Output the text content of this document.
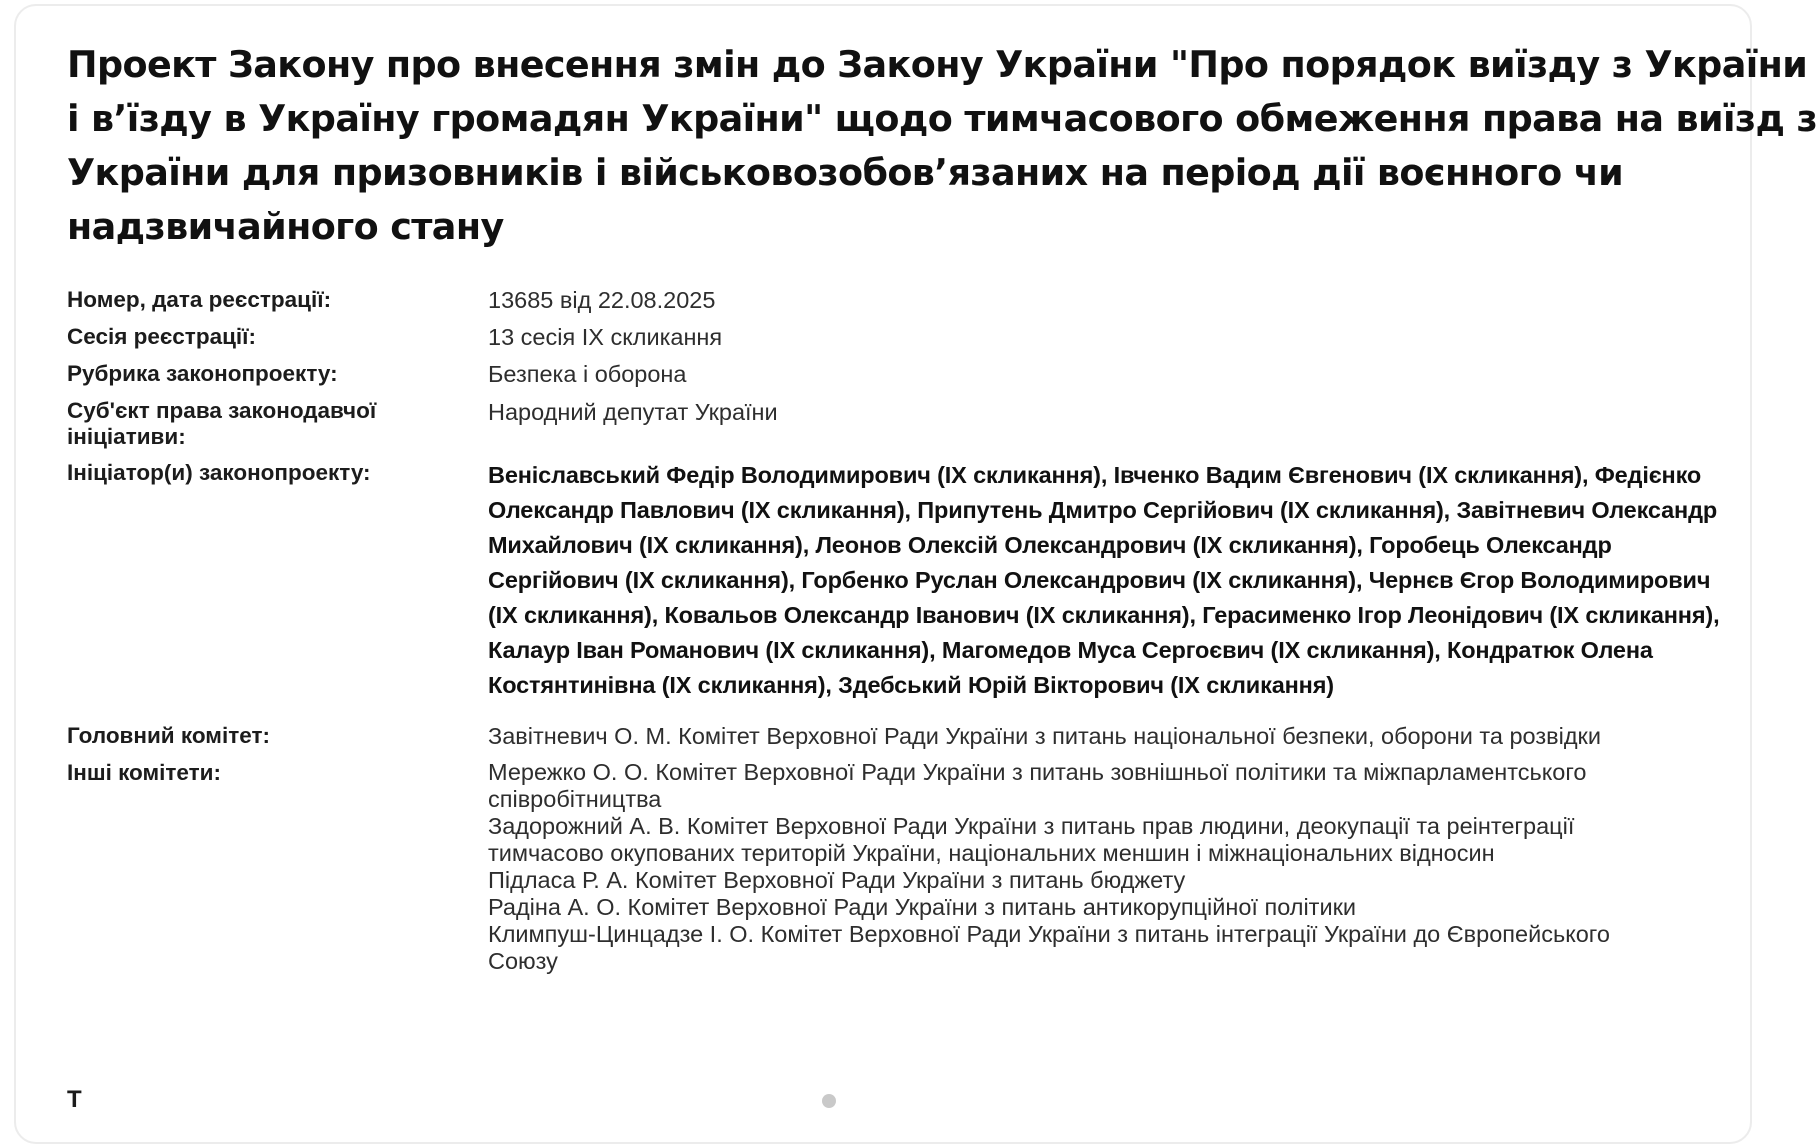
Проект Закону про внесення змін до Закону України "Про порядок виїзду з України
і в’їзду в Україну громадян України" щодо тимчасового обмеження права на виїзд з
України для призовників і військовозобов’язаних на період дії воєнного чи
надзвичайного стану
Номер, дата реєстрації:	13685 від 22.08.2025
Сесія реєстрації:	13 сесія IX скликання
Рубрика законопроекту:	Безпека і оборона
Суб'єкт права законодавчої
ініціативи:
Народний депутат України
Ініціатор(и) законопроекту:	Веніславський Федір Володимирович (IX скликання), Івченко Вадим Євгенович (IX скликання), Федієнко Олександр Павлович (IX скликання), Припутень Дмитро Сергійович (IX скликання), Завітневич Олександр Михайлович (IX скликання), Леонов Олексій Олександрович (IX скликання), Горобець Олександр Сергійович (IX скликання), Горбенко Руслан Олександрович (IX скликання), Чернєв Єгор Володимирович (IX скликання), Ковальов Олександр Іванович (IX скликання), Герасименко Ігор Леонідович (IX скликання), Калаур Іван Романович (IX скликання), Магомедов Муса Сергоєвич (IX скликання), Кондратюк Олена Костянтинівна (IX скликання), Здебський Юрій Вікторович (IX скликання)
Головний комітет:	Завітневич О. М. Комітет Верховної Ради України з питань національної безпеки, оборони та розвідки
Інші комітети:	Мережко О. О. Комітет Верховної Ради України з питань зовнішньої політики та міжпарламентського
співробітництва
Задорожний А. В. Комітет Верховної Ради України з питань прав людини, деокупації та реінтеграції
тимчасово окупованих територій України, національних меншин і міжнаціональних відносин
Підласа Р. А. Комітет Верховної Ради України з питань бюджету
Радіна А. О. Комітет Верховної Ради України з питань антикорупційної політики
Климпуш-Цинцадзе І. О. Комітет Верховної Ради України з питань інтеграції України до Європейського
Союзу
Т
